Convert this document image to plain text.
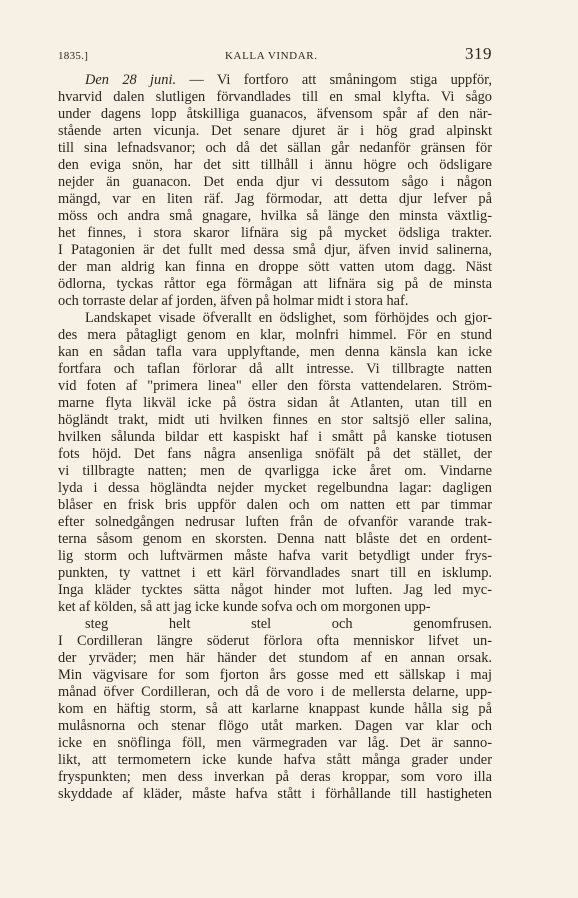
1835.]	KALLA VINDAR.	319
Den 28 juni. — Vi fortforo att småningom stiga uppför,
hvarvid dalen slutligen förvandlades till en smal klyfta. Vi sågo
under dagens lopp åtskilliga guanacos, äfvensom spår af den när-
stående arten vicunja. Det senare djuret är i hög grad alpinskt
till sina lefnadsvanor; och då det sällan går nedanför gränsen för
den eviga snön, har det sitt tillhåll i ännu högre och ödsligare
nejder än guanacon. Det enda djur vi dessutom sågo i någon
mängd, var en liten räf. Jag förmodar, att detta djur lefver på
möss och andra små gnagare, hvilka så länge den minsta växtlig-
het finnes, i stora skaror lifnära sig på mycket ödsliga trakter.
I Patagonien är det fullt med dessa små djur, äfven invid salinerna,
der man aldrig kan finna en droppe sött vatten utom dagg. Näst
ödlorna, tyckas råttor ega förmågan att lifnära sig på de minsta
och torraste delar af jorden, äfven på holmar midt i stora haf.
Landskapet visade öfverallt en ödslighet, som förhöjdes och gjor-
des mera påtagligt genom en klar, molnfri himmel. För en stund
kan en sådan tafla vara upplyftande, men denna känsla kan icke
fortfara och taflan förlorar då allt intresse. Vi tillbragte natten
vid foten af "primera linea" eller den första vattendelaren. Ström-
marne flyta likväl icke på östra sidan åt Atlanten, utan till en
högländt trakt, midt uti hvilken finnes en stor saltsjö eller salina,
hvilken sålunda bildar ett kaspiskt haf i smått på kanske tiotusen
fots höjd. Det fans några ansenliga snöfält på det stället, der
vi tillbragte natten; men de qvarligga icke året om. Vindarne
lyda i dessa högländta nejder mycket regelbundna lagar: dagligen
blåser en frisk bris uppför dalen och om natten ett par timmar
efter solnedgången nedrusar luften från de ofvanför varande trak-
terna såsom genom en skorsten. Denna natt blåste det en ordent-
lig storm och luftvärmen måste hafva varit betydligt under frys-
punkten, ty vattnet i ett kärl förvandlades snart till en isklump.
Inga kläder tycktes sätta något hinder mot luften. Jag led myc-
ket af kölden, så att jag icke kunde sofva och om morgonen upp-
steg helt stel och genomfrusen.
I Cordilleran längre söderut förlora ofta menniskor lifvet un-
der yrväder; men här händer det stundom af en annan orsak.
Min vägvisare for som fjorton års gosse med ett sällskap i maj
månad öfver Cordilleran, och då de voro i de mellersta delarne, upp-
kom en häftig storm, så att karlarne knappast kunde hålla sig på
mulåsnorna och stenar flögo utåt marken. Dagen var klar och
icke en snöflinga föll, men värmegraden var låg. Det är sanno-
likt, att termometern icke kunde hafva stått många grader under
fryspunkten; men dess inverkan på deras kroppar, som voro illa
skyddade af kläder, måste hafva stått i förhållande till hastigheten
